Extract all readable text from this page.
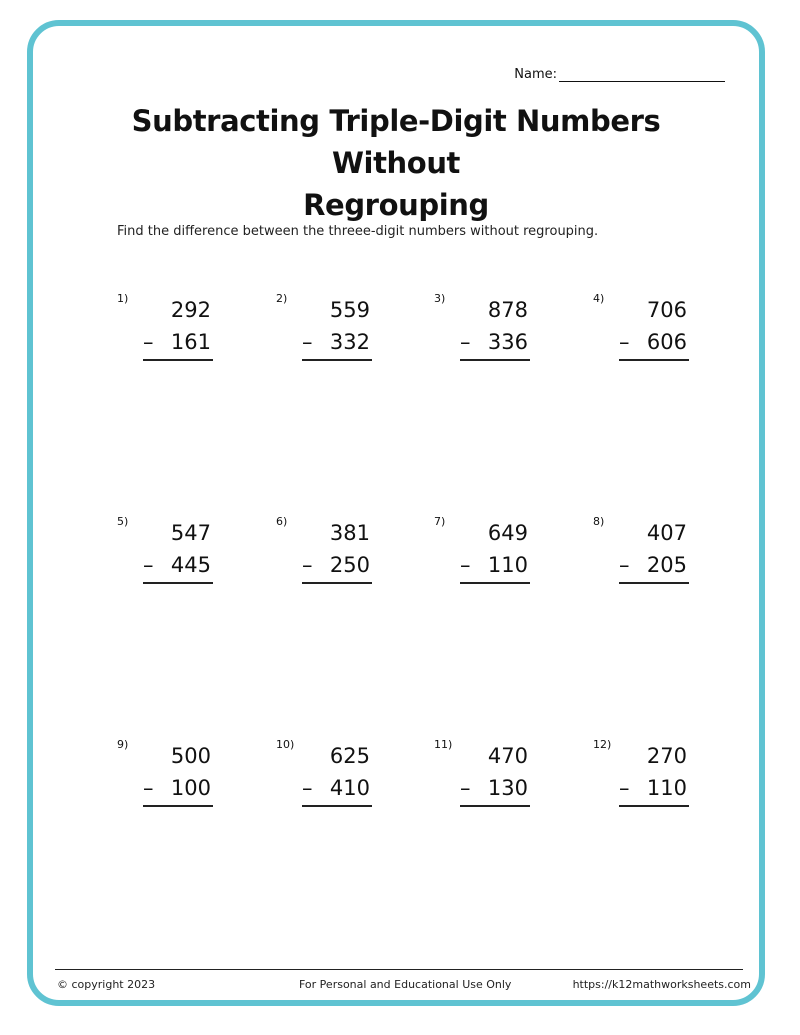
Name:
Subtracting Triple-Digit Numbers Without
Regrouping
Find the difference between the threee-digit numbers without regrouping.
1)	292
– 161
2)	559
– 332
3)	878
– 336
4)	706
– 606
5)	547
– 445
6)	381
– 250
7)	649
– 110
8)	407
– 205
9)	500
– 100
10)	625
– 410
11)	470
– 130
12)	270
– 110
© copyright 2023	For Personal and Educational Use Only	https://k12mathworksheets.com
